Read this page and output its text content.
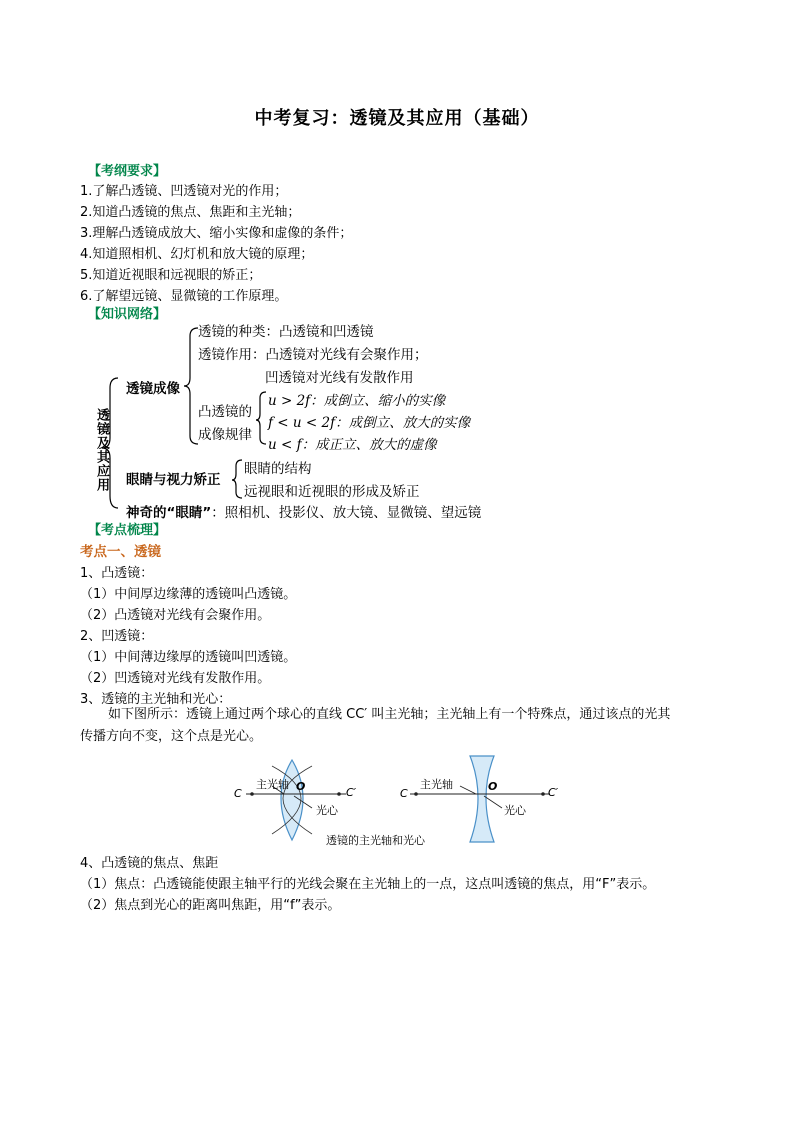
中考复习：透镜及其应用（基础）
【考纲要求】
1.了解凸透镜、凹透镜对光的作用；
2.知道凸透镜的焦点、焦距和主光轴；
3.理解凸透镜成放大、缩小实像和虚像的条件；
4.知道照相机、幻灯机和放大镜的原理；
5.知道近视眼和远视眼的矫正；
6.了解望远镜、显微镜的工作原理。
【知识网络】
透镜及其应用
透镜成像
透镜的种类：凸透镜和凹透镜
透镜作用：凸透镜对光线有会聚作用；
凹透镜对光线有发散作用
凸透镜的
成像规律
u > 2f：成倒立、缩小的实像
f < u < 2f：成倒立、放大的实像
u < f：成正立、放大的虚像
眼睛与视力矫正
眼睛的结构
远视眼和近视眼的形成及矫正
神奇的“眼睛”：照相机、投影仪、放大镜、显微镜、望远镜
【考点梳理】
考点一、透镜
1、凸透镜：
（1）中间厚边缘薄的透镜叫凸透镜。
（2）凸透镜对光线有会聚作用。
2、凹透镜：
（1）中间薄边缘厚的透镜叫凹透镜。
（2）凹透镜对光线有发散作用。
3、透镜的主光轴和光心：
如下图所示：透镜上通过两个球心的直线 CC′ 叫主光轴；主光轴上有一个特殊点，通过该点的光其
传播方向不变，这个点是光心。
C
主光轴 O
光心
C′	C
主光轴	O
光心
C′
透镜的主光轴和光心
4、凸透镜的焦点、焦距
（1）焦点：凸透镜能使跟主轴平行的光线会聚在主光轴上的一点，这点叫透镜的焦点，用“F”表示。
（2）焦点到光心的距离叫焦距，用“f”表示。
